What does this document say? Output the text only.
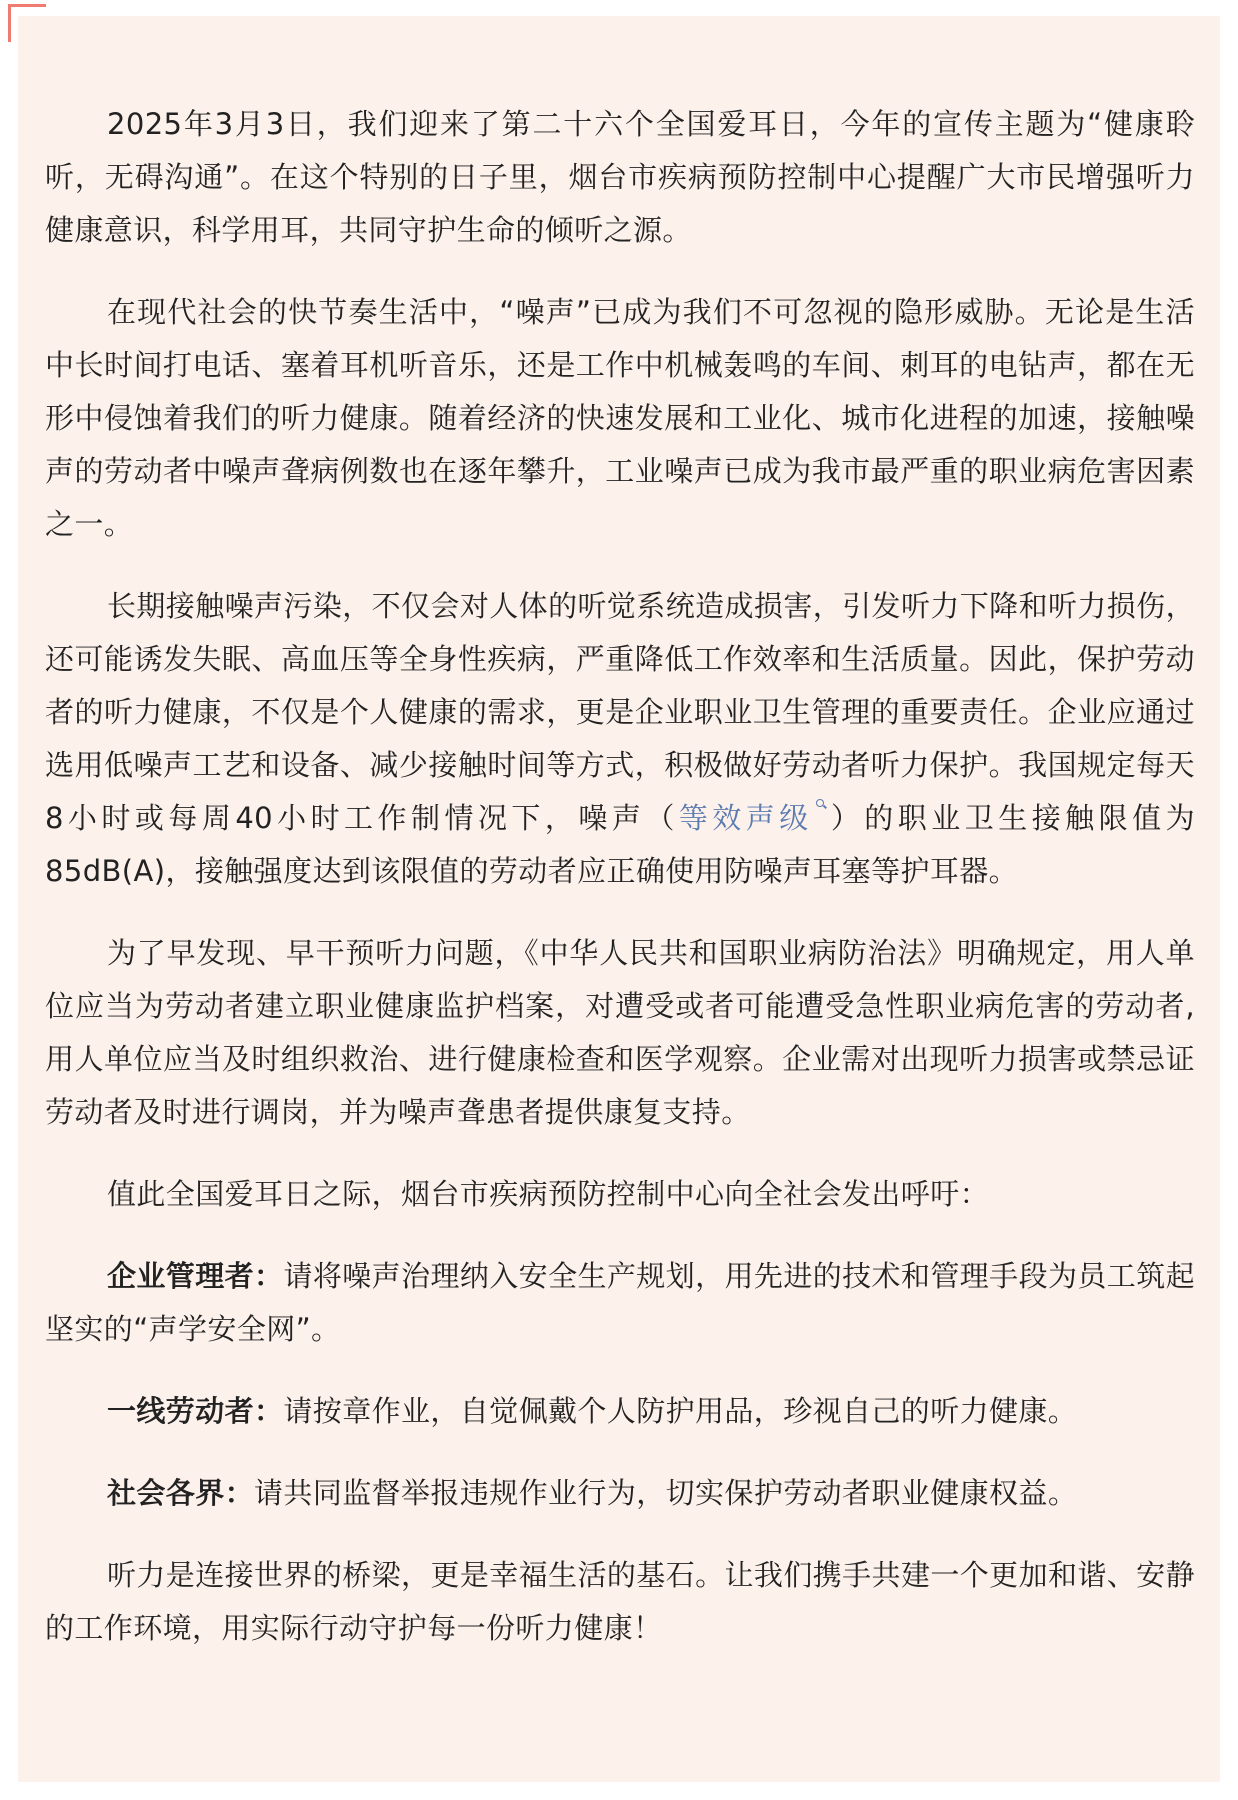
2025年3月3日，我们迎来了第二十六个全国爱耳日，今年的宣传主题为“健康聆听，无碍沟通”。在这个特别的日子里，烟台市疾病预防控制中心提醒广大市民增强听力健康意识，科学用耳，共同守护生命的倾听之源。

在现代社会的快节奏生活中，“噪声”已成为我们不可忽视的隐形威胁。无论是生活中长时间打电话、塞着耳机听音乐，还是工作中机械轰鸣的车间、刺耳的电钻声，都在无形中侵蚀着我们的听力健康。随着经济的快速发展和工业化、城市化进程的加速，接触噪声的劳动者中噪声聋病例数也在逐年攀升，工业噪声已成为我市最严重的职业病危害因素之一。

长期接触噪声污染，不仅会对人体的听觉系统造成损害，引发听力下降和听力损伤，还可能诱发失眠、高血压等全身性疾病，严重降低工作效率和生活质量。因此，保护劳动者的听力健康，不仅是个人健康的需求，更是企业职业卫生管理的重要责任。企业应通过选用低噪声工艺和设备、减少接触时间等方式，积极做好劳动者听力保护。我国规定每天8小时或每周40小时工作制情况下，噪声（等效声级 ）的职业卫生接触限值为85dB(A)，接触强度达到该限值的劳动者应正确使用防噪声耳塞等护耳器。

为了早发现、早干预听力问题，《中华人民共和国职业病防治法》明确规定，用人单位应当为劳动者建立职业健康监护档案，对遭受或者可能遭受急性职业病危害的劳动者,用人单位应当及时组织救治、进行健康检查和医学观察。企业需对出现听力损害或禁忌证劳动者及时进行调岗，并为噪声聋患者提供康复支持。

值此全国爱耳日之际，烟台市疾病预防控制中心向全社会发出呼吁：

企业管理者：请将噪声治理纳入安全生产规划，用先进的技术和管理手段为员工筑起坚实的“声学安全网”。

一线劳动者：请按章作业，自觉佩戴个人防护用品，珍视自己的听力健康。

社会各界：请共同监督举报违规作业行为，切实保护劳动者职业健康权益。

听力是连接世界的桥梁，更是幸福生活的基石。让我们携手共建一个更加和谐、安静的工作环境，用实际行动守护每一份听力健康！
